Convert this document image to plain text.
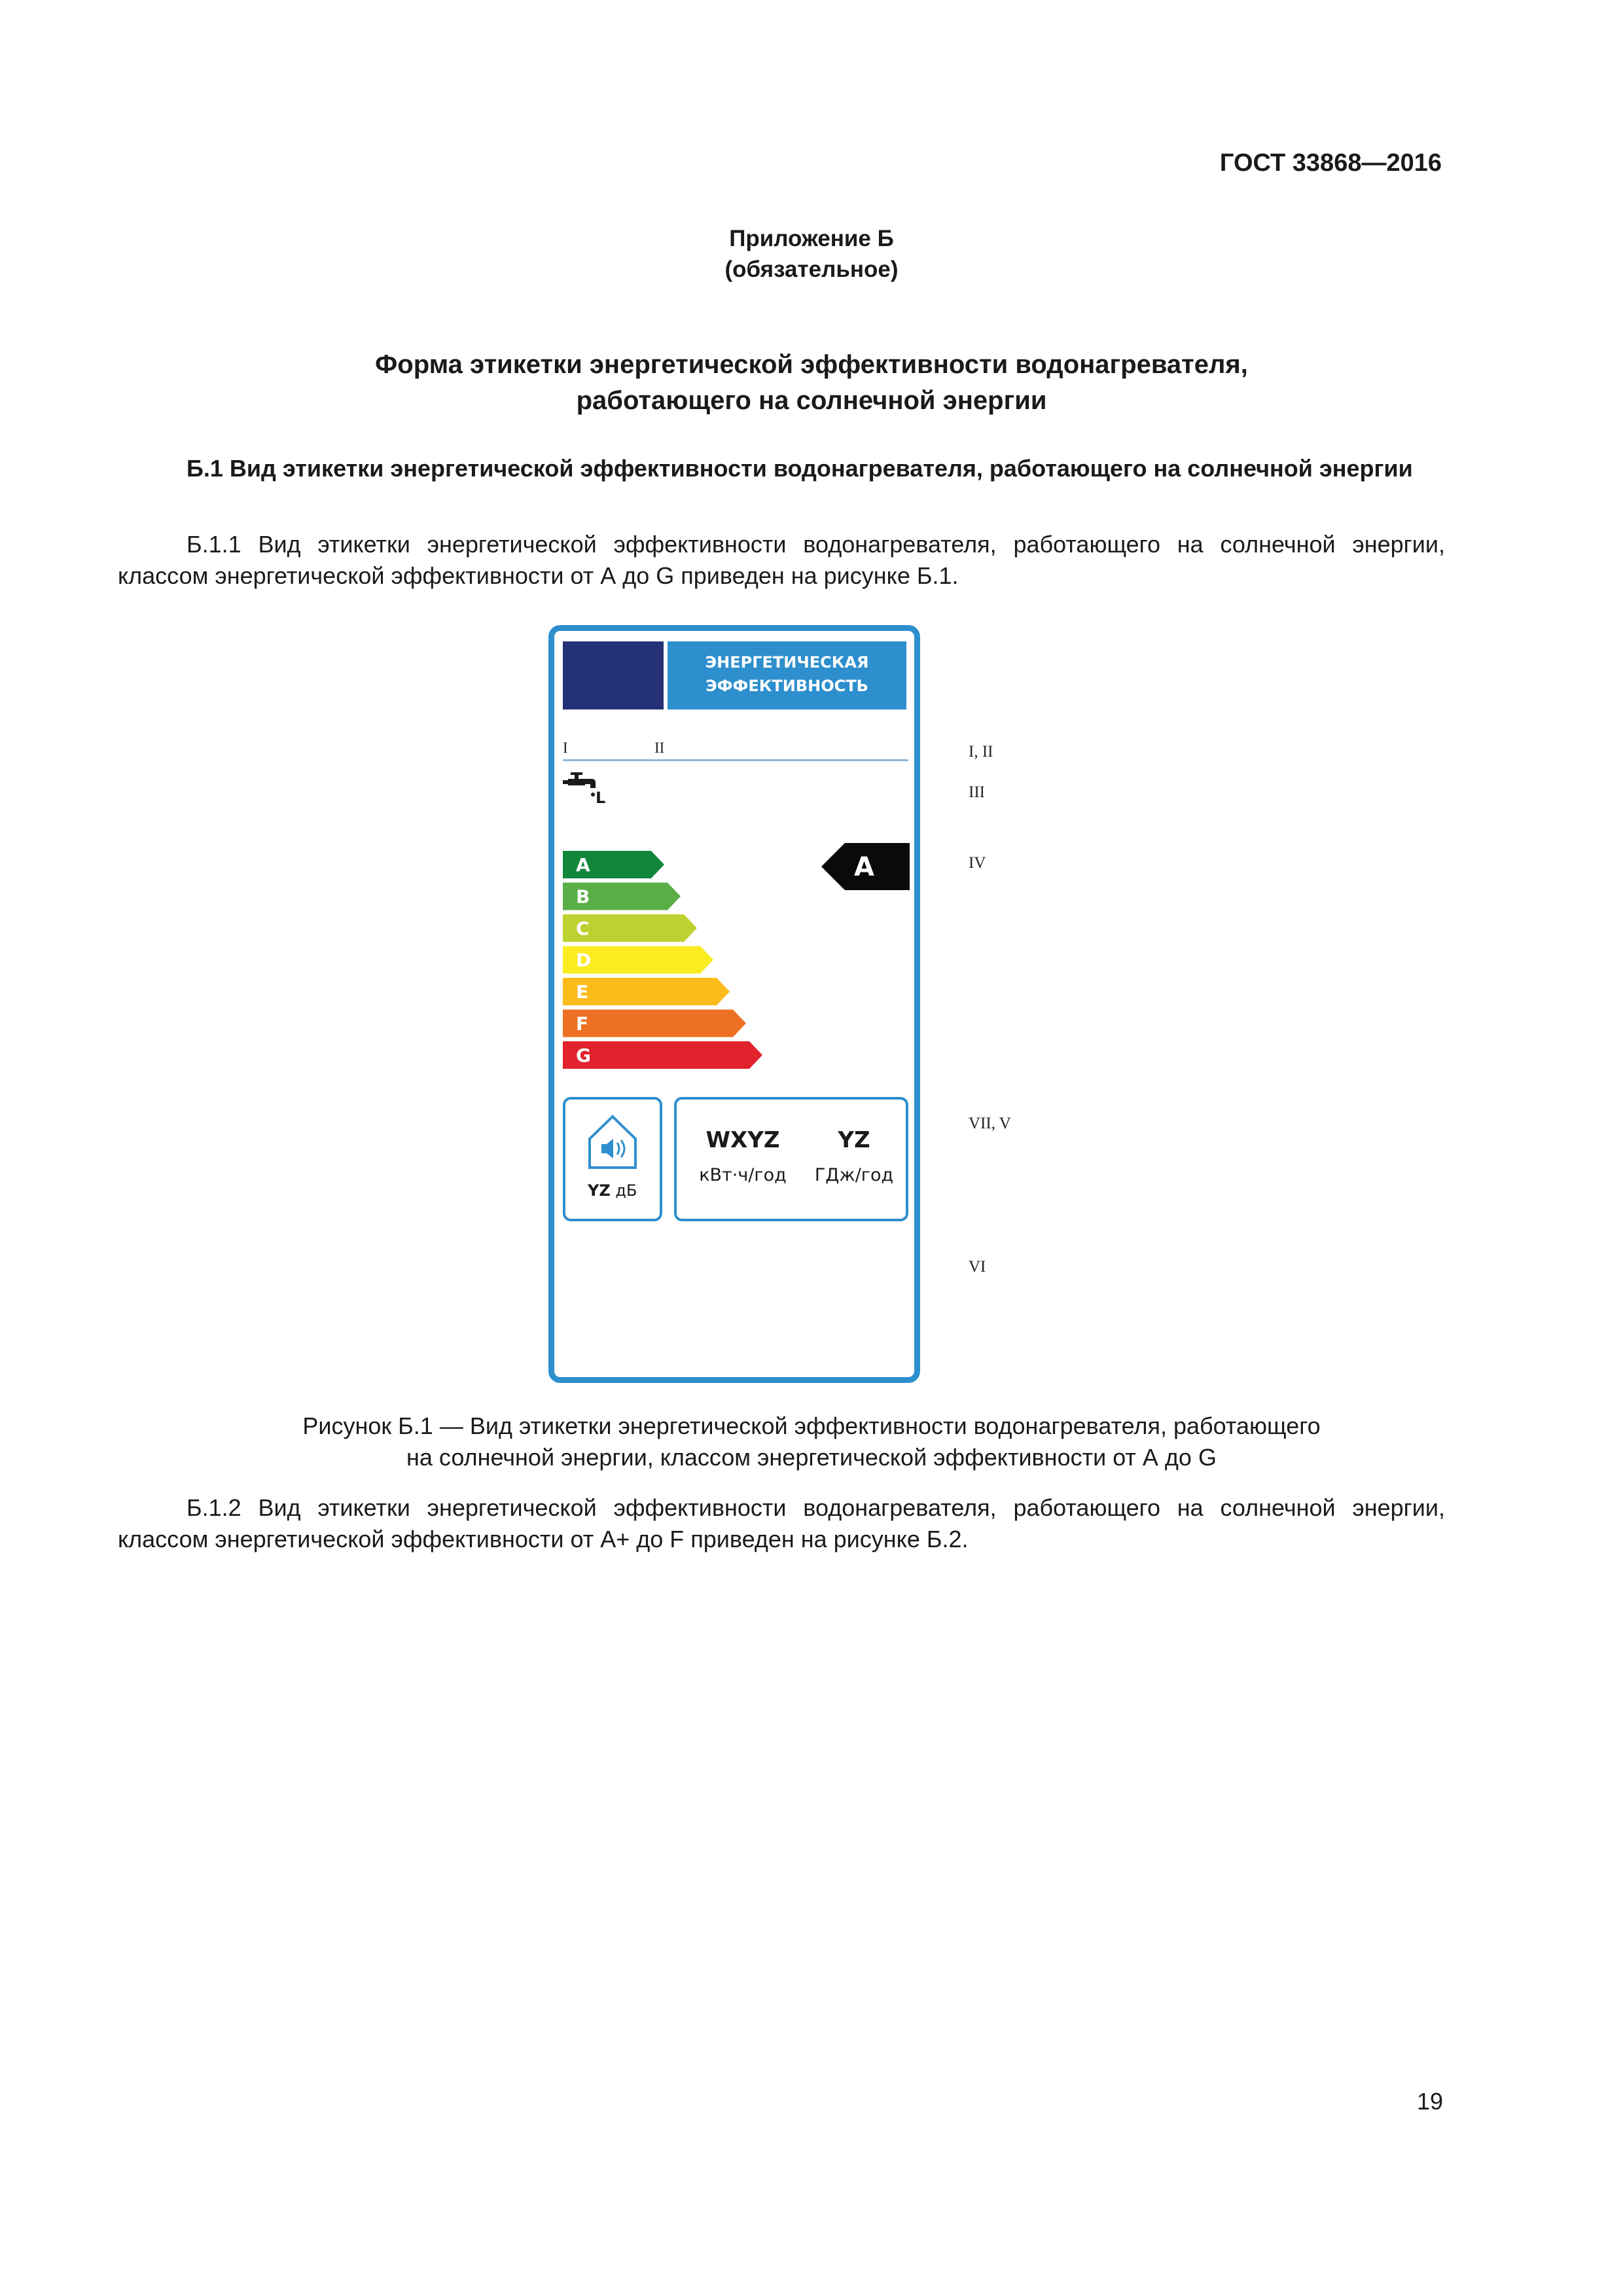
ГОСТ 33868—2016
Приложение Б
(обязательное)
Форма этикетки энергетической эффективности водонагревателя,
работающего на солнечной энергии
Б.1 Вид этикетки энергетической эффективности водонагревателя, работающего на солнечной энергии
Б.1.1 Вид этикетки энергетической эффективности водонагревателя, работающего на солнечной энергии, классом энергетической эффективности от А до G приведен на рисунке Б.1.
ЭНЕРГЕТИЧЕСКАЯ
ЭФФЕКТИВНОСТЬ
I	II
L
A
B
C
D
E
F
G
A
YZ дБ
WXYZ
кВт·ч/год
YZ
ГДж/год
I, II
III
IV
VII, V
VI
Рисунок Б.1 — Вид этикетки энергетической эффективности водонагревателя, работающего
на солнечной энергии, классом энергетической эффективности от А до G
Б.1.2 Вид этикетки энергетической эффективности водонагревателя, работающего на солнечной энергии, классом энергетической эффективности от А+ до F приведен на рисунке Б.2.
19
